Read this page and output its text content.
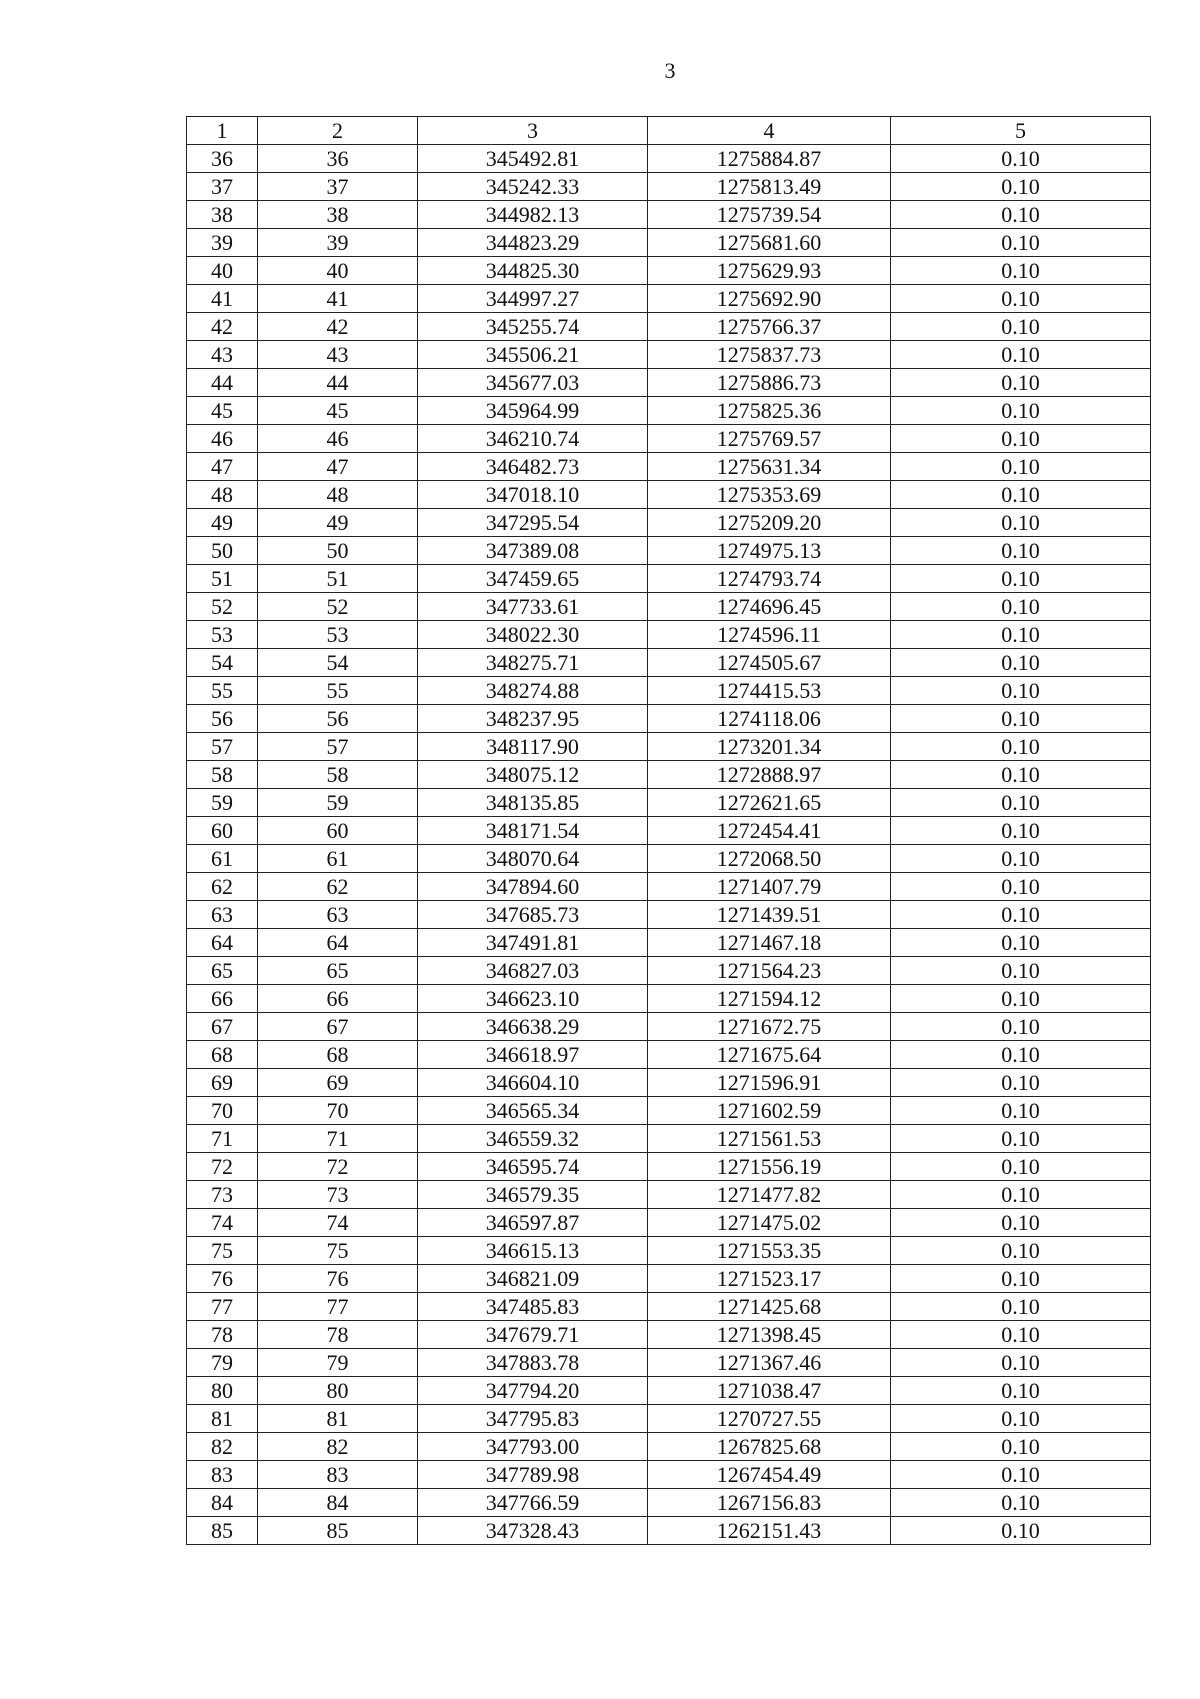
3
1	2	3	4	5
36	36	345492.81	1275884.87	0.10
37	37	345242.33	1275813.49	0.10
38	38	344982.13	1275739.54	0.10
39	39	344823.29	1275681.60	0.10
40	40	344825.30	1275629.93	0.10
41	41	344997.27	1275692.90	0.10
42	42	345255.74	1275766.37	0.10
43	43	345506.21	1275837.73	0.10
44	44	345677.03	1275886.73	0.10
45	45	345964.99	1275825.36	0.10
46	46	346210.74	1275769.57	0.10
47	47	346482.73	1275631.34	0.10
48	48	347018.10	1275353.69	0.10
49	49	347295.54	1275209.20	0.10
50	50	347389.08	1274975.13	0.10
51	51	347459.65	1274793.74	0.10
52	52	347733.61	1274696.45	0.10
53	53	348022.30	1274596.11	0.10
54	54	348275.71	1274505.67	0.10
55	55	348274.88	1274415.53	0.10
56	56	348237.95	1274118.06	0.10
57	57	348117.90	1273201.34	0.10
58	58	348075.12	1272888.97	0.10
59	59	348135.85	1272621.65	0.10
60	60	348171.54	1272454.41	0.10
61	61	348070.64	1272068.50	0.10
62	62	347894.60	1271407.79	0.10
63	63	347685.73	1271439.51	0.10
64	64	347491.81	1271467.18	0.10
65	65	346827.03	1271564.23	0.10
66	66	346623.10	1271594.12	0.10
67	67	346638.29	1271672.75	0.10
68	68	346618.97	1271675.64	0.10
69	69	346604.10	1271596.91	0.10
70	70	346565.34	1271602.59	0.10
71	71	346559.32	1271561.53	0.10
72	72	346595.74	1271556.19	0.10
73	73	346579.35	1271477.82	0.10
74	74	346597.87	1271475.02	0.10
75	75	346615.13	1271553.35	0.10
76	76	346821.09	1271523.17	0.10
77	77	347485.83	1271425.68	0.10
78	78	347679.71	1271398.45	0.10
79	79	347883.78	1271367.46	0.10
80	80	347794.20	1271038.47	0.10
81	81	347795.83	1270727.55	0.10
82	82	347793.00	1267825.68	0.10
83	83	347789.98	1267454.49	0.10
84	84	347766.59	1267156.83	0.10
85	85	347328.43	1262151.43	0.10
